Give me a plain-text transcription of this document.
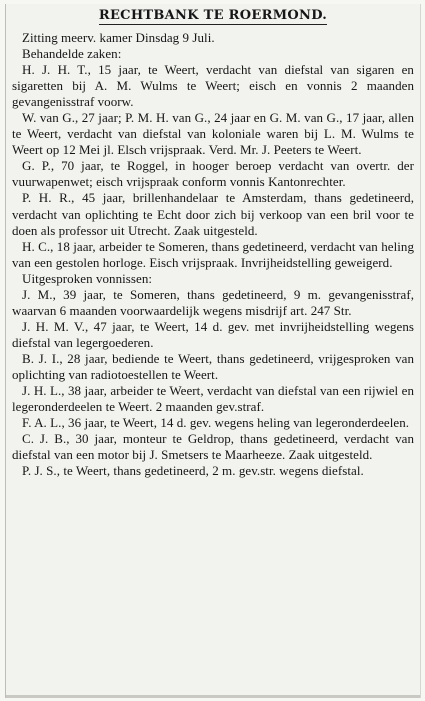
RECHTBANK TE ROERMOND.

Zitting meerv. kamer Dinsdag 9 Juli.

Behandelde zaken:

H. J. H. T., 15 jaar, te Weert, verdacht van diefstal van sigaren en sigaretten bij A. M. Wulms te Weert; eisch en vonnis 2 maanden gevangenisstraf voorw.

W. van G., 27 jaar; P. M. H. van G., 24 jaar en G. M. van G., 17 jaar, allen te Weert, verdacht van diefstal van koloniale waren bij L. M. Wulms te Weert op 12 Mei jl. Elsch vrijspraak. Verd. Mr. J. Peeters te Weert.

G. P., 70 jaar, te Roggel, in hooger beroep verdacht van overtr. der vuurwapenwet; eisch vrijspraak conform vonnis Kantonrechter.

P. H. R., 45 jaar, brillenhandelaar te Amsterdam, thans gedetineerd, verdacht van oplichting te Echt door zich bij verkoop van een bril voor te doen als professor uit Utrecht. Zaak uitgesteld.

H. C., 18 jaar, arbeider te Someren, thans gedetineerd, verdacht van heling van een gestolen horloge. Eisch vrijspraak. Invrijheidstelling geweigerd.

Uitgesproken vonnissen:

J. M., 39 jaar, te Someren, thans gedetineerd, 9 m. gevangenisstraf, waarvan 6 maanden voorwaardelijk wegens misdrijf art. 247 Str.

J. H. M. V., 47 jaar, te Weert, 14 d. gev. met invrijheidstelling wegens diefstal van legergoederen.

B. J. I., 28 jaar, bediende te Weert, thans gedetineerd, vrijgesproken van oplichting van radiotoestellen te Weert.

J. H. L., 38 jaar, arbeider te Weert, verdacht van diefstal van een rijwiel en legeronderdeelen te Weert. 2 maanden gev.straf.

F. A. L., 36 jaar, te Weert, 14 d. gev. wegens heling van legeronderdeelen.

C. J. B., 30 jaar, monteur te Geldrop, thans gedetineerd, verdacht van diefstal van een motor bij J. Smetsers te Maarheeze. Zaak uitgesteld.

P. J. S., te Weert, thans gedetineerd, 2 m. gev.str. wegens diefstal.
